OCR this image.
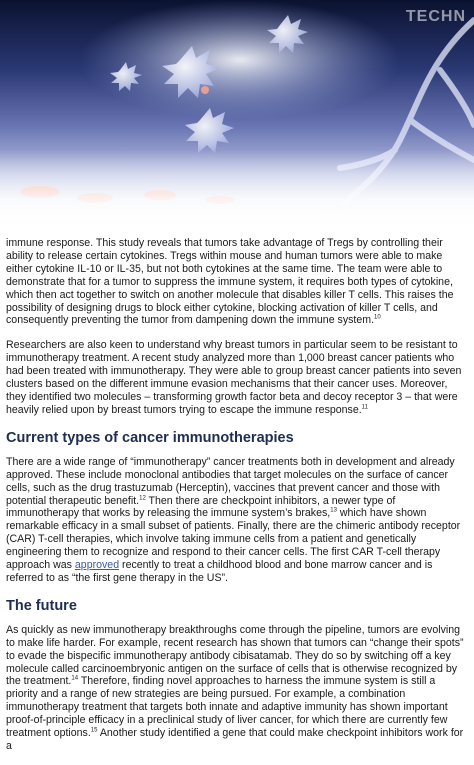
TECHN

immune response. This study reveals that tumors take advantage of Tregs by controlling their ability to release certain cytokines. Tregs within mouse and human tumors were able to make either cytokine IL-10 or IL-35, but not both cytokines at the same time. The team were able to demonstrate that for a tumor to suppress the immune system, it requires both types of cytokine, which then act together to switch on another molecule that disables killer T cells. This raises the possibility of designing drugs to block either cytokine, blocking activation of killer T cells, and consequently preventing the tumor from dampening down the immune system.$^{10}$

Researchers are also keen to understand why breast tumors in particular seem to be resistant to immunotherapy treatment. A recent study analyzed more than 1,000 breast cancer patients who had been treated with immunotherapy. They were able to group breast cancer patients into seven clusters based on the different immune evasion mechanisms that their cancer uses. Moreover, they identified two molecules – transforming growth factor beta and decoy receptor 3 – that were heavily relied upon by breast tumors trying to escape the immune response.$^{11}$

Current types of cancer immunotherapies

There are a wide range of “immunotherapy” cancer treatments both in development and already approved. These include monoclonal antibodies that target molecules on the surface of cancer cells, such as the drug trastuzumab (Herceptin), vaccines that prevent cancer and those with potential therapeutic benefit.$^{12}$ Then there are checkpoint inhibitors, a newer type of immunotherapy that works by releasing the immune system’s brakes,$^{13}$ which have shown remarkable efficacy in a small subset of patients. Finally, there are the chimeric antibody receptor (CAR) T-cell therapies, which involve taking immune cells from a patient and genetically engineering them to recognize and respond to their cancer cells. The first CAR T-cell therapy approach was approved recently to treat a childhood blood and bone marrow cancer and is referred to as “the first gene therapy in the US”.

The future

As quickly as new immunotherapy breakthroughs come through the pipeline, tumors are evolving to make life harder. For example, recent research has shown that tumors can “change their spots” to evade the bispecific immunotherapy antibody cibisatamab. They do so by switching off a key molecule called carcinoembryonic antigen on the surface of cells that is otherwise recognized by the treatment.$^{14}$ Therefore, finding novel approaches to harness the immune system is still a priority and a range of new strategies are being pursued. For example, a combination immunotherapy treatment that targets both innate and adaptive immunity has shown important proof-of-principle efficacy in a preclinical study of liver cancer, for which there are currently few treatment options.$^{15}$ Another study identified a gene that could make checkpoint inhibitors work for a
